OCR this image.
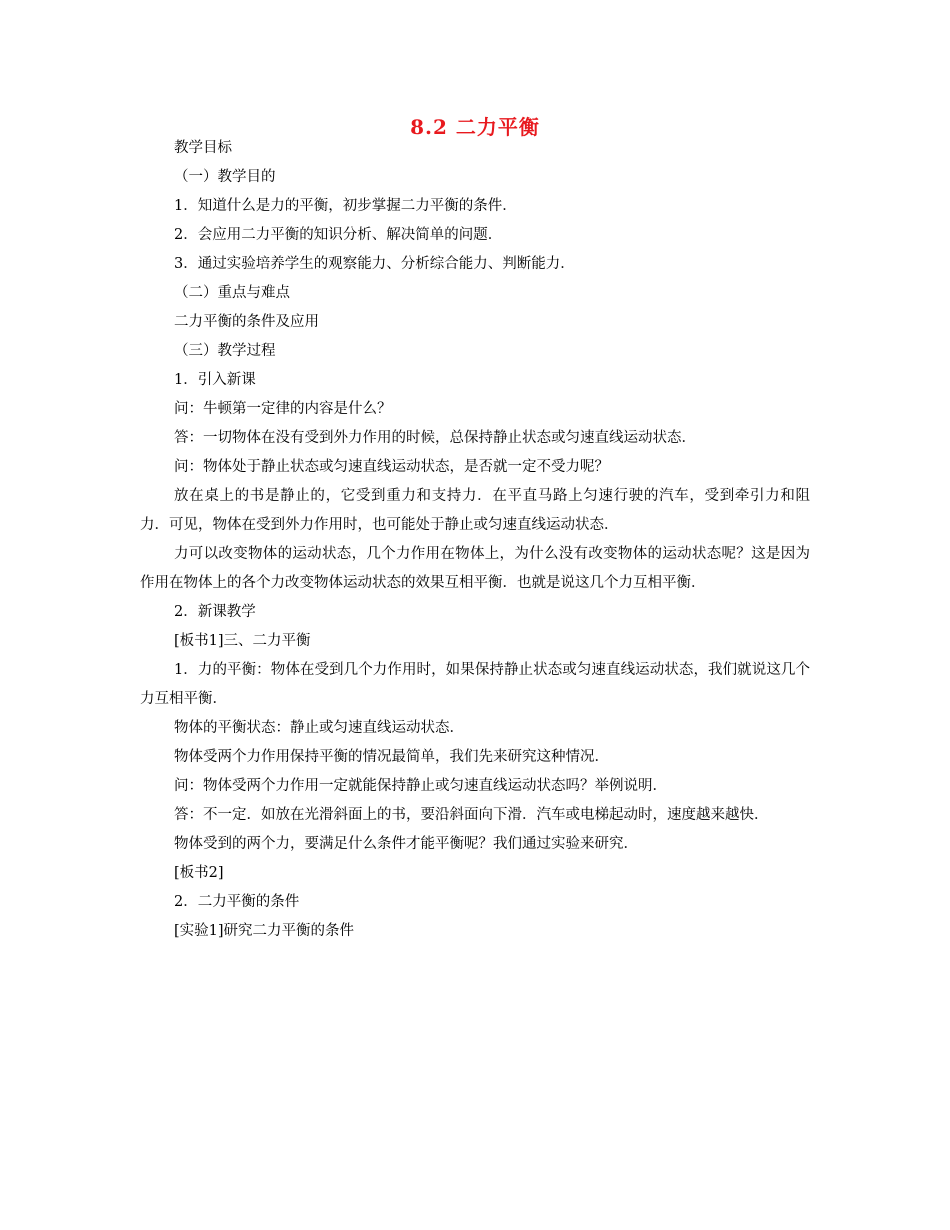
8.2 二力平衡

教学目标

（一）教学目的

1．知道什么是力的平衡，初步掌握二力平衡的条件．

2．会应用二力平衡的知识分析、解决简单的问题．

3．通过实验培养学生的观察能力、分析综合能力、判断能力．

（二）重点与难点

二力平衡的条件及应用

（三）教学过程

1．引入新课

问：牛顿第一定律的内容是什么？

答：一切物体在没有受到外力作用的时候，总保持静止状态或匀速直线运动状态．

问：物体处于静止状态或匀速直线运动状态，是否就一定不受力呢？

放在桌上的书是静止的，它受到重力和支持力．在平直马路上匀速行驶的汽车，受到牵引力和阻力．可见，物体在受到外力作用时，也可能处于静止或匀速直线运动状态．

力可以改变物体的运动状态，几个力作用在物体上，为什么没有改变物体的运动状态呢？这是因为作用在物体上的各个力改变物体运动状态的效果互相平衡．也就是说这几个力互相平衡．

2．新课教学

[板书1]三、二力平衡

1．力的平衡：物体在受到几个力作用时，如果保持静止状态或匀速直线运动状态，我们就说这几个力互相平衡．

物体的平衡状态：静止或匀速直线运动状态．

物体受两个力作用保持平衡的情况最简单，我们先来研究这种情况．

问：物体受两个力作用一定就能保持静止或匀速直线运动状态吗？举例说明．

答：不一定．如放在光滑斜面上的书，要沿斜面向下滑．汽车或电梯起动时，速度越来越快．

物体受到的两个力，要满足什么条件才能平衡呢？我们通过实验来研究．

[板书2]

2．二力平衡的条件

[实验1]研究二力平衡的条件
